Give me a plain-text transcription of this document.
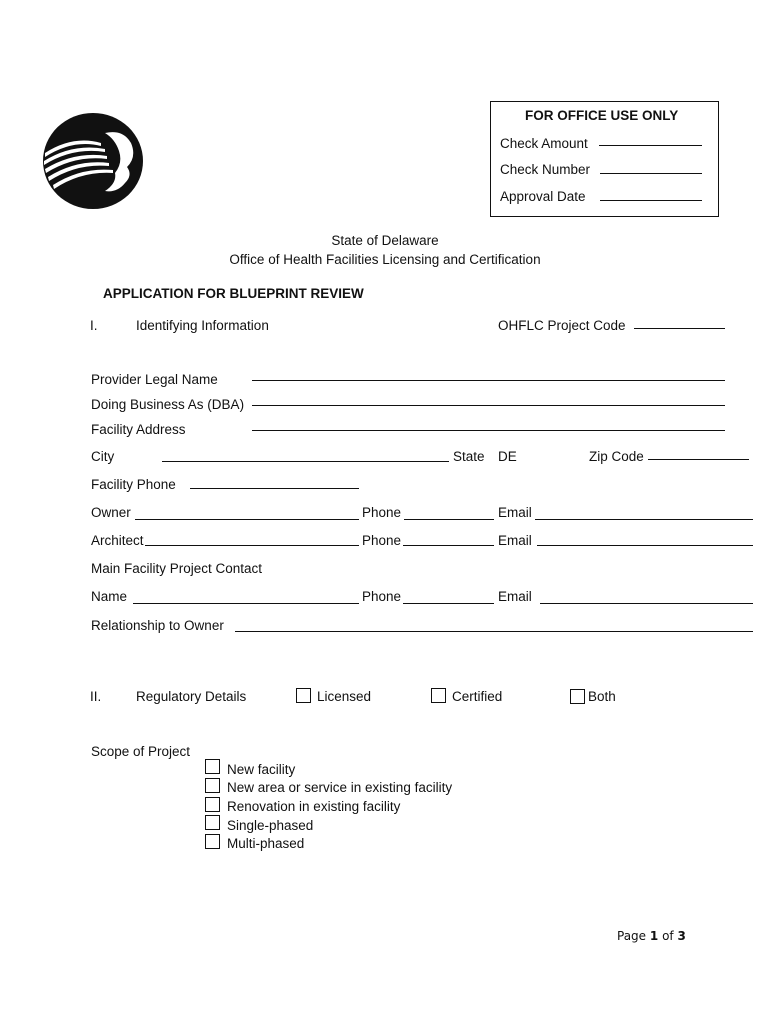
FOR OFFICE USE ONLY
Check Amount
Check Number
Approval Date
State of Delaware
Office of Health Facilities Licensing and Certification
APPLICATION FOR BLUEPRINT REVIEW
I.	Identifying Information	OHFLC Project Code
Provider Legal Name
Doing Business As (DBA)
Facility Address
City	State DE	Zip Code
Facility Phone
Owner	Phone	Email
Architect	Phone	Email
Main Facility Project Contact
Name	Phone	Email
Relationship to Owner
II.	Regulatory Details	Licensed	Certified	Both
Scope of Project
New facility
New area or service in existing facility
Renovation in existing facility
Single-phased
Multi-phased
Page 1 of 3
